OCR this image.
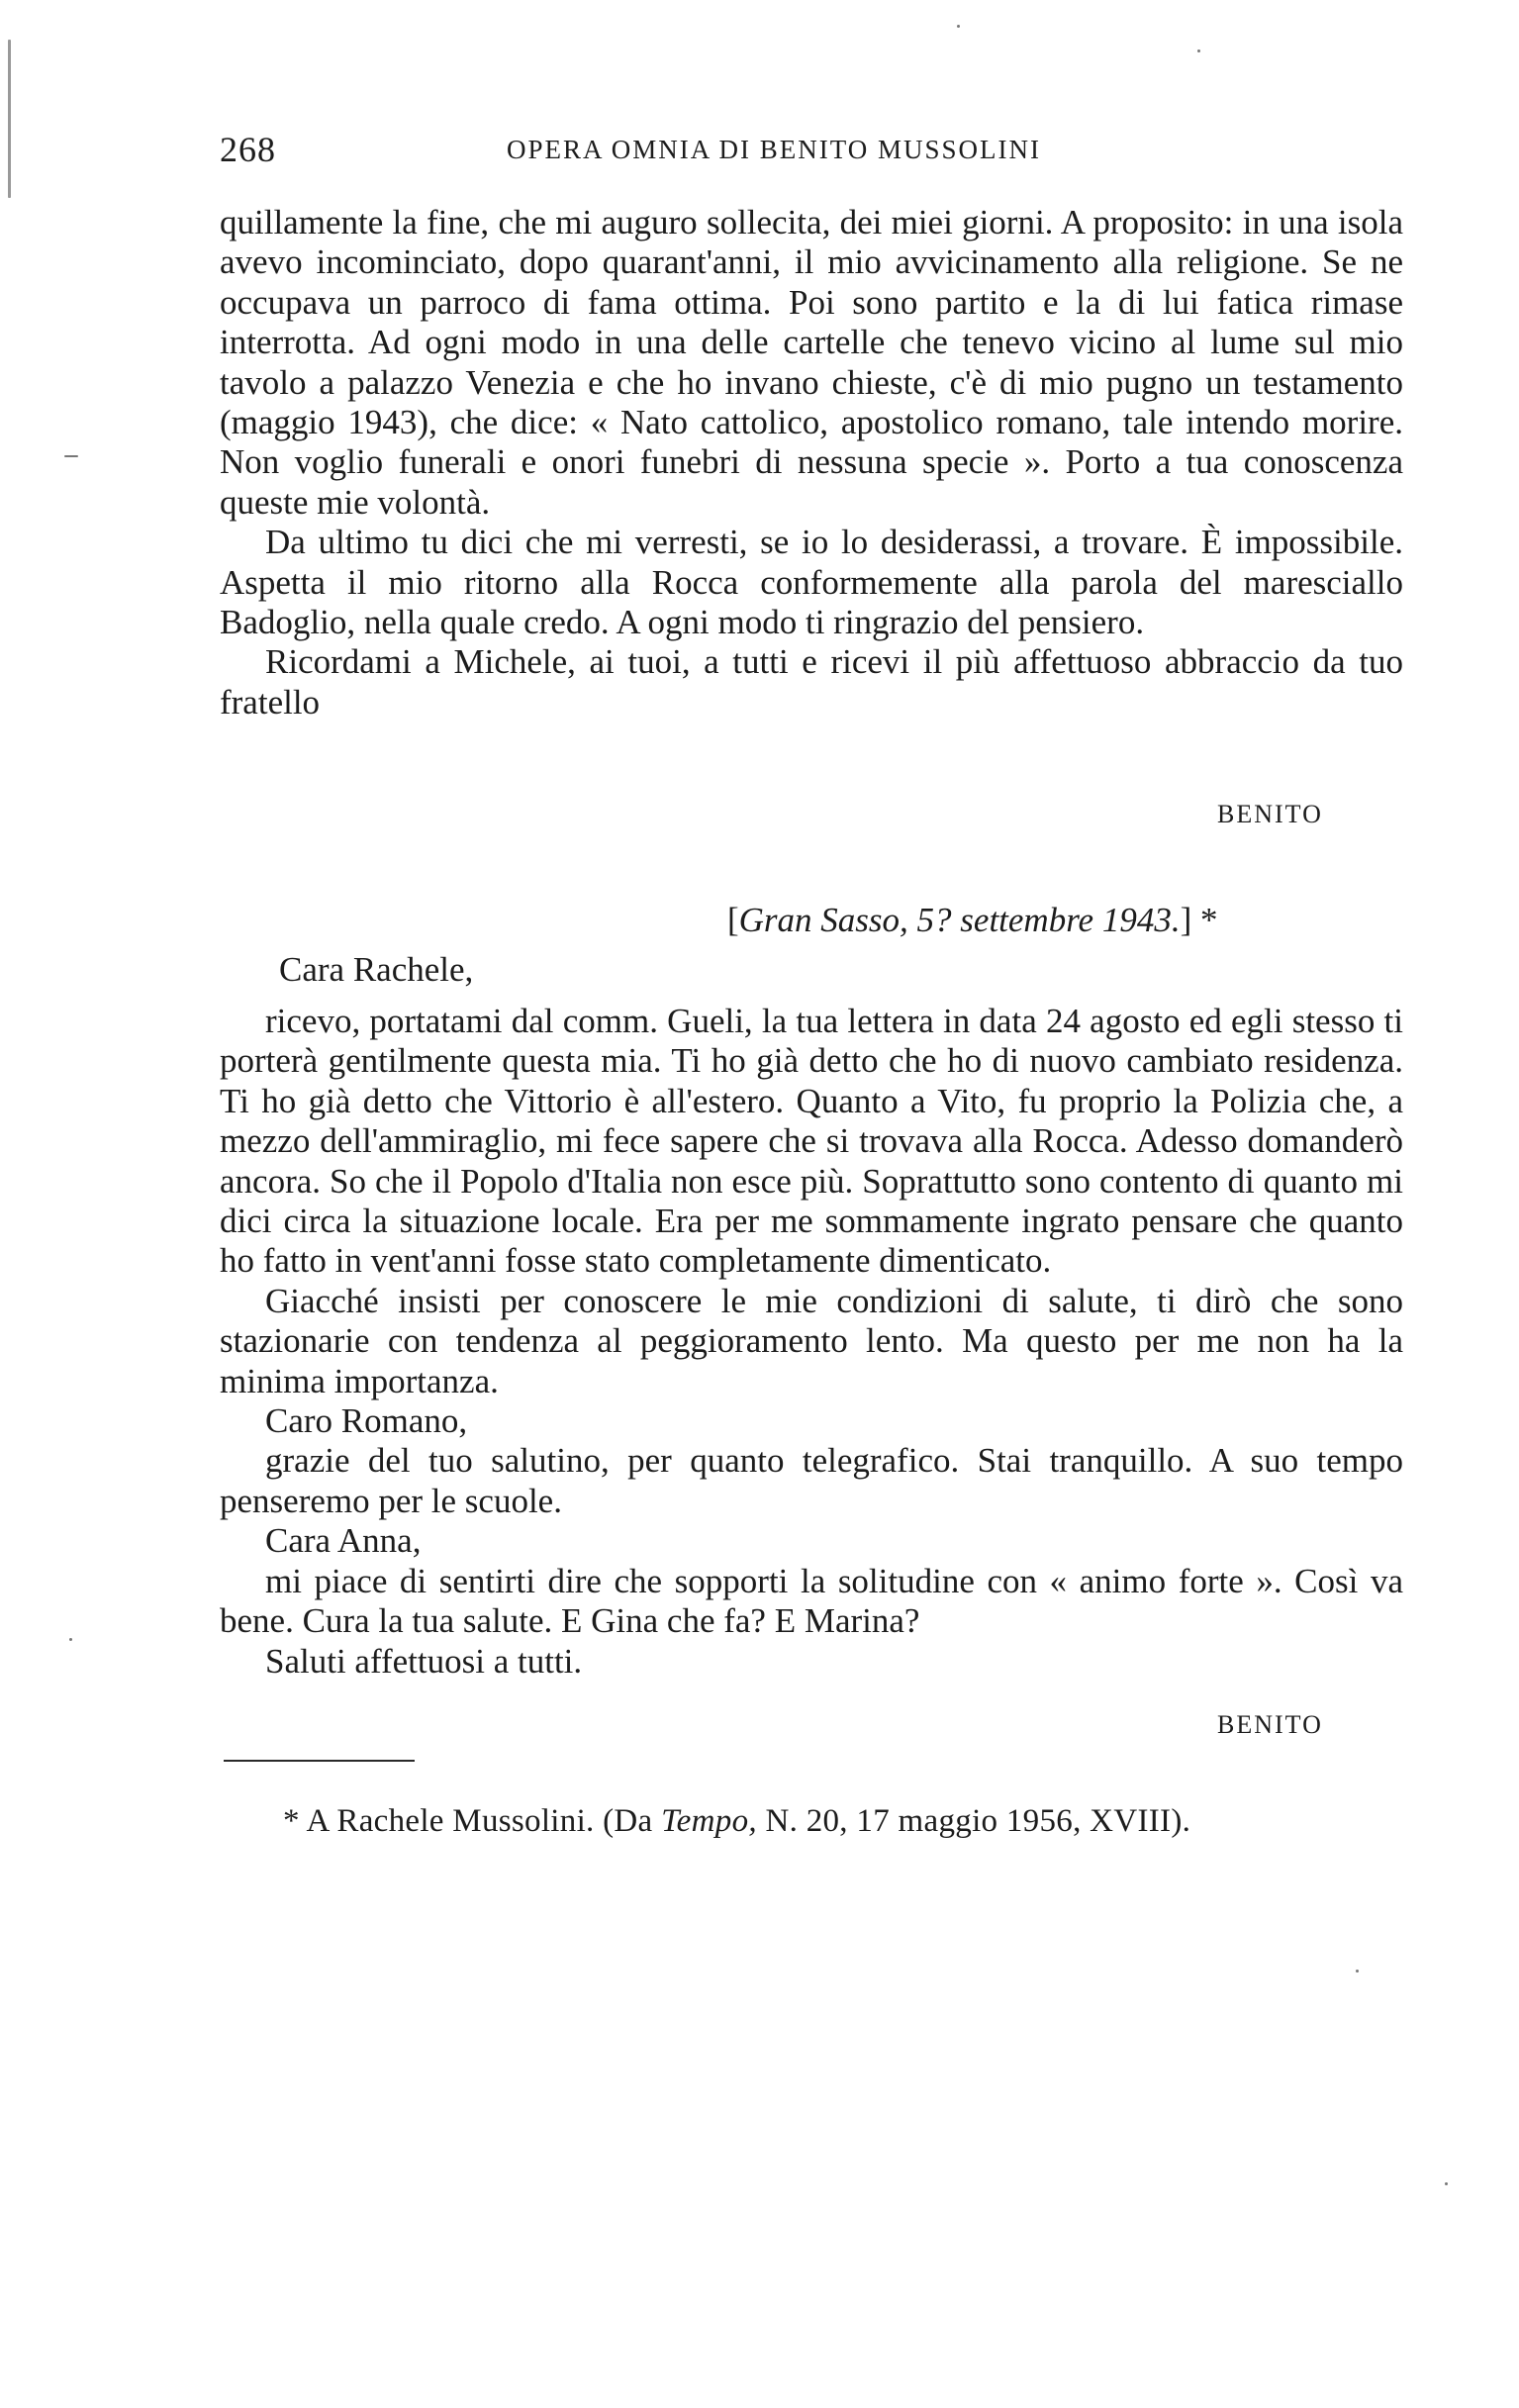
268	OPERA OMNIA DI BENITO MUSSOLINI

quillamente la fine, che mi auguro sollecita, dei miei giorni. A proposito: in una isola avevo incominciato, dopo quarant'anni, il mio avvicinamento alla religione. Se ne occupava un parroco di fama ottima. Poi sono partito e la di lui fatica rimase interrotta. Ad ogni modo in una delle cartelle che tenevo vicino al lume sul mio tavolo a palazzo Venezia e che ho invano chieste, c'è di mio pugno un testamento (maggio 1943), che dice: « Nato cattolico, apostolico romano, tale intendo morire. Non voglio funerali e onori funebri di nessuna specie ». Porto a tua conoscenza queste mie volontà.

Da ultimo tu dici che mi verresti, se io lo desiderassi, a trovare. È impossibile. Aspetta il mio ritorno alla Rocca conformemente alla parola del maresciallo Badoglio, nella quale credo. A ogni modo ti ringrazio del pensiero.

Ricordami a Michele, ai tuoi, a tutti e ricevi il più affettuoso abbraccio da tuo fratello

BENITO
[Gran Sasso, 5? settembre 1943.] *
Cara Rachele,

ricevo, portatami dal comm. Gueli, la tua lettera in data 24 agosto ed egli stesso ti porterà gentilmente questa mia. Ti ho già detto che ho di nuovo cambiato residenza. Ti ho già detto che Vittorio è all'estero. Quanto a Vito, fu proprio la Polizia che, a mezzo dell'ammiraglio, mi fece sapere che si trovava alla Rocca. Adesso domanderò ancora. So che il Popolo d'Italia non esce più. Soprattutto sono contento di quanto mi dici circa la situazione locale. Era per me sommamente ingrato pensare che quanto ho fatto in vent'anni fosse stato completamente dimenticato.

Giacché insisti per conoscere le mie condizioni di salute, ti dirò che sono stazionarie con tendenza al peggioramento lento. Ma questo per me non ha la minima importanza.

Caro Romano,

grazie del tuo salutino, per quanto telegrafico. Stai tranquillo. A suo tempo penseremo per le scuole.

Cara Anna,

mi piace di sentirti dire che sopporti la solitudine con « animo forte ». Così va bene. Cura la tua salute. E Gina che fa? E Marina?

Saluti affettuosi a tutti.

BENITO
* A Rachele Mussolini. (Da Tempo, N. 20, 17 maggio 1956, XVIII).
